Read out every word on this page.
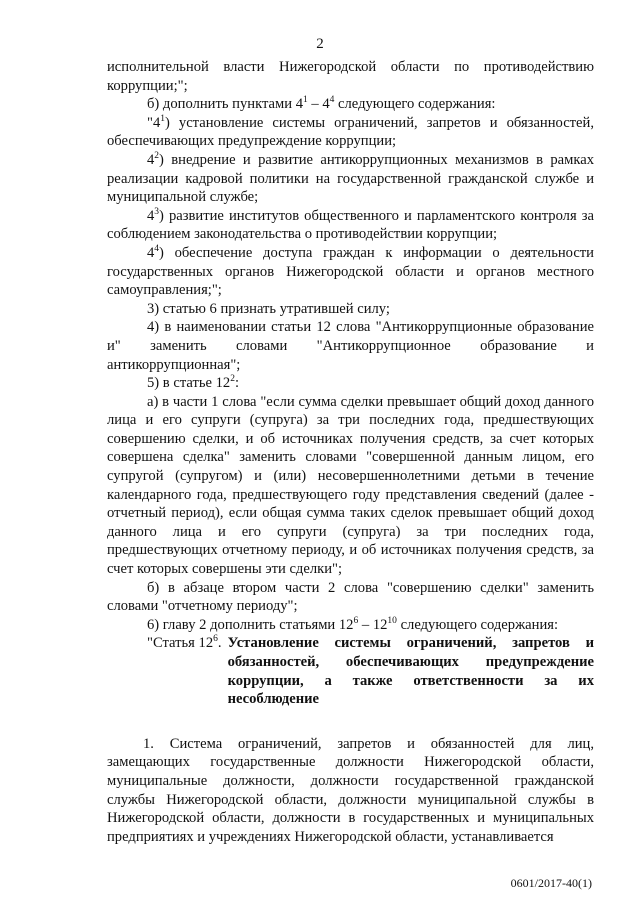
2

исполнительной власти Нижегородской области по противодействию коррупции;";

б) дополнить пунктами $4^1 - 4^4$ следующего содержания:

"$4^1$) установление системы ограничений, запретов и обязанностей, обеспечивающих предупреждение коррупции;

$4^2$) внедрение и развитие антикоррупционных механизмов в рамках реализации кадровой политики на государственной гражданской службе и муниципальной службе;

$4^3$) развитие институтов общественного и парламентского контроля за соблюдением законодательства о противодействии коррупции;

$4^4$) обеспечение доступа граждан к информации о деятельности государственных органов Нижегородской области и органов местного самоуправления;";

3) статью 6 признать утратившей силу;

4) в наименовании статьи 12 слова "Антикоррупционные образование и" заменить словами "Антикоррупционное образование и антикоррупционная";

5) в статье $12^2$:

а) в части 1 слова "если сумма сделки превышает общий доход данного лица и его супруги (супруга) за три последних года, предшествующих совершению сделки, и об источниках получения средств, за счет которых совершена сделка" заменить словами "совершенной данным лицом, его супругой (супругом) и (или) несовершеннолетними детьми в течение календарного года, предшествующего году представления сведений (далее - отчетный период), если общая сумма таких сделок превышает общий доход данного лица и его супруги (супруга) за три последних года, предшествующих отчетному периоду, и об источниках получения средств, за счет которых совершены эти сделки";

б) в абзаце втором части 2 слова "совершению сделки" заменить словами "отчетному периоду";

6) главу 2 дополнить статьями $12^6 - 12^{10}$ следующего содержания:

"Статья $12^6$. Установление системы ограничений, запретов и обязанностей, обеспечивающих предупреждение коррупции, а также ответственности за их несоблюдение

1. Система ограничений, запретов и обязанностей для лиц, замещающих государственные должности Нижегородской области, муниципальные должности, должности государственной гражданской службы Нижегородской области, должности муниципальной службы в Нижегородской области, должности в государственных и муниципальных предприятиях и учреждениях Нижегородской области, устанавливается

0601/2017-40(1)
